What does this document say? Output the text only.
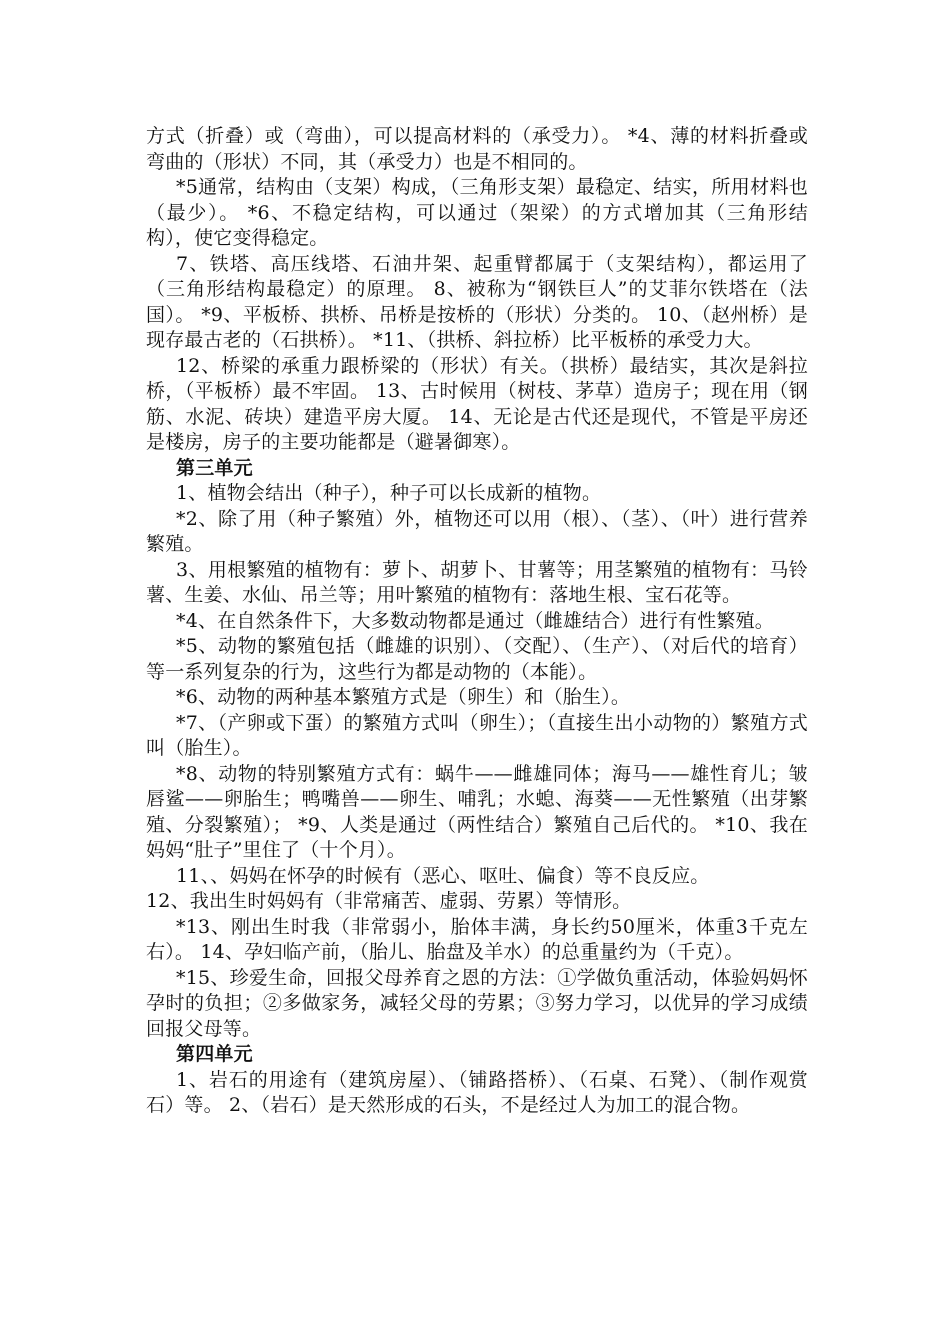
方式（折叠）或（弯曲），可以提高材料的（承受力）。 *4、薄的材料折叠或弯曲的（形状）不同，其（承受力）也是不相同的。

*5通常，结构由（支架）构成，（三角形支架）最稳定、结实，所用材料也（最少）。 *6、不稳定结构，可以通过（架梁）的方式增加其（三角形结构），使它变得稳定。

7、铁塔、高压线塔、石油井架、起重臂都属于（支架结构），都运用了（三角形结构最稳定）的原理。 8、被称为“钢铁巨人”的艾菲尔铁塔在（法国）。 *9、平板桥、拱桥、吊桥是按桥的（形状）分类的。 10、（赵州桥）是现存最古老的（石拱桥）。 *11、（拱桥、斜拉桥）比平板桥的承受力大。

12、桥梁的承重力跟桥梁的（形状）有关。（拱桥）最结实，其次是斜拉桥，（平板桥）最不牢固。 13、古时候用（树枝、茅草）造房子；现在用（钢筋、水泥、砖块）建造平房大厦。 14、无论是古代还是现代，不管是平房还是楼房，房子的主要功能都是（避暑御寒）。

第三单元

1、植物会结出（种子），种子可以长成新的植物。

*2、除了用（种子繁殖）外，植物还可以用（根）、（茎）、（叶）进行营养繁殖。

3、用根繁殖的植物有：萝卜、胡萝卜、甘薯等；用茎繁殖的植物有：马铃薯、生姜、水仙、吊兰等；用叶繁殖的植物有：落地生根、宝石花等。

*4、在自然条件下，大多数动物都是通过（雌雄结合）进行有性繁殖。

*5、动物的繁殖包括（雌雄的识别）、（交配）、（生产）、（对后代的培育）等一系列复杂的行为，这些行为都是动物的（本能）。

*6、动物的两种基本繁殖方式是（卵生）和（胎生）。

*7、（产卵或下蛋）的繁殖方式叫（卵生）；（直接生出小动物的）繁殖方式叫（胎生）。

*8、动物的特别繁殖方式有：蜗牛——雌雄同体；海马——雄性育儿；皱唇鲨——卵胎生；鸭嘴兽——卵生、哺乳；水螅、海葵——无性繁殖（出芽繁殖、分裂繁殖）； *9、人类是通过（两性结合）繁殖自己后代的。 *10、我在妈妈“肚子”里住了（十个月）。

11、、妈妈在怀孕的时候有（恶心、呕吐、偏食）等不良反应。

12、我出生时妈妈有（非常痛苦、虚弱、劳累）等情形。

*13、刚出生时我（非常弱小，胎体丰满，身长约50厘米，体重3千克左右）。 14、孕妇临产前，（胎儿、胎盘及羊水）的总重量约为（千克）。

*15、珍爱生命，回报父母养育之恩的方法：①学做负重活动，体验妈妈怀孕时的负担；②多做家务，减轻父母的劳累；③努力学习，以优异的学习成绩回报父母等。

第四单元

1、岩石的用途有（建筑房屋）、（铺路搭桥）、（石桌、石凳）、（制作观赏石）等。 2、（岩石）是天然形成的石头，不是经过人为加工的混合物。
